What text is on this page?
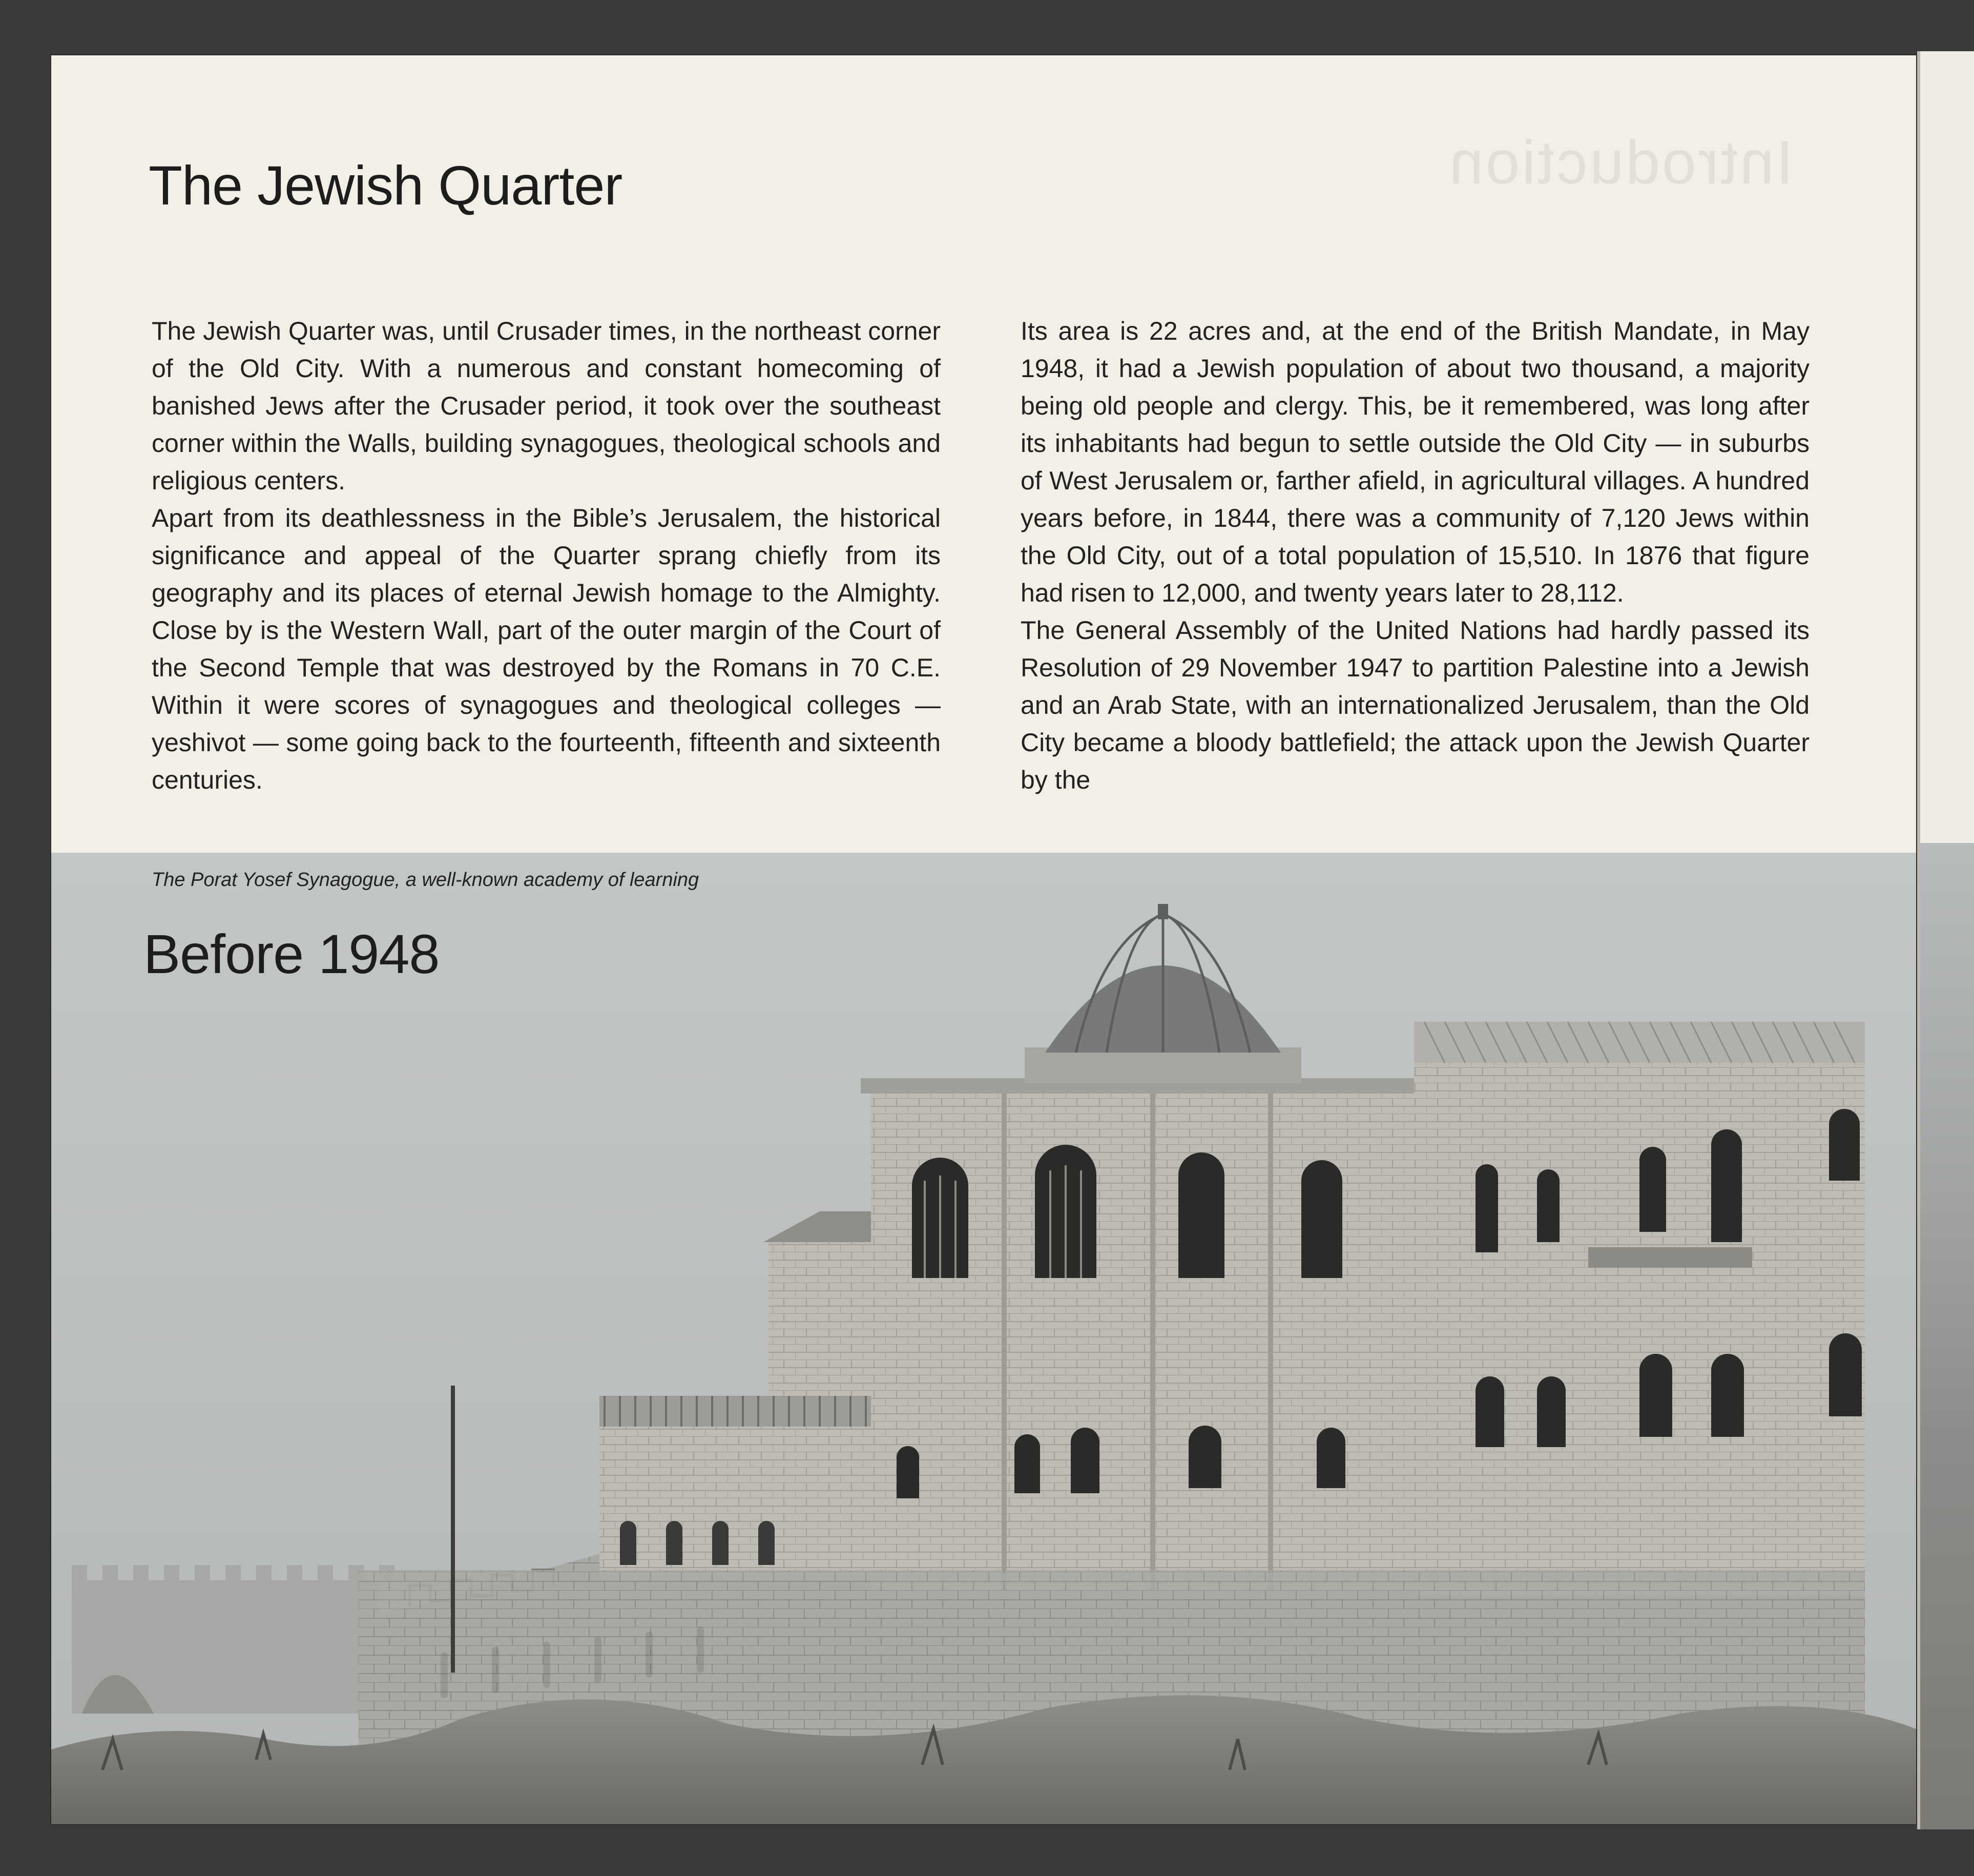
Introduction
The Jewish Quarter

The Jewish Quarter was, until Crusader times, in the northeast corner of the Old City. With a numerous and constant homecoming of banished Jews after the Crusader period, it took over the southeast corner within the Walls, building synagogues, theological schools and religious centers.

Apart from its deathlessness in the Bible’s Jerusalem, the historical significance and appeal of the Quarter sprang chiefly from its geography and its places of eternal Jewish homage to the Almighty. Close by is the Western Wall, part of the outer margin of the Court of the Second Temple that was destroyed by the Romans in 70 C.E. Within it were scores of synagogues and theological colleges — yeshivot — some going back to the fourteenth, fifteenth and sixteenth centuries.

Its area is 22 acres and, at the end of the British Mandate, in May 1948, it had a Jewish population of about two thousand, a majority being old people and clergy. This, be it remembered, was long after its inhabitants had begun to settle outside the Old City — in suburbs of West Jerusalem or, farther afield, in agricultural villages. A hundred years before, in 1844, there was a community of 7,120 Jews within the Old City, out of a total population of 15,510. In 1876 that figure had risen to 12,000, and twenty years later to 28,112.

The General Assembly of the United Nations had hardly passed its Resolution of 29 November 1947 to partition Palestine into a Jewish and an Arab State, with an internationalized Jerusalem, than the Old City became a bloody battlefield; the attack upon the Jewish Quarter by the

Before 1948
The Porat Yosef Synagogue, a well-known academy of learning
